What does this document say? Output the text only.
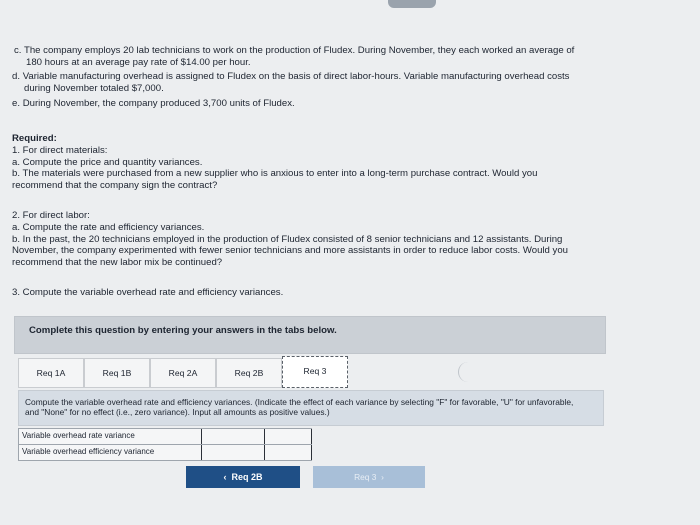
c. The company employs 20 lab technicians to work on the production of Fludex. During November, they each worked an average of
180 hours at an average pay rate of $14.00 per hour.
d. Variable manufacturing overhead is assigned to Fludex on the basis of direct labor-hours. Variable manufacturing overhead costs
during November totaled $7,000.
e. During November, the company produced 3,700 units of Fludex.
Required:
1. For direct materials:
a. Compute the price and quantity variances.
b. The materials were purchased from a new supplier who is anxious to enter into a long-term purchase contract. Would you
recommend that the company sign the contract?
2. For direct labor:
a. Compute the rate and efficiency variances.
b. In the past, the 20 technicians employed in the production of Fludex consisted of 8 senior technicians and 12 assistants. During
November, the company experimented with fewer senior technicians and more assistants in order to reduce labor costs. Would you
recommend that the new labor mix be continued?
3. Compute the variable overhead rate and efficiency variances.
Complete this question by entering your answers in the tabs below.
Req 1A	Req 1B	Req 2A	Req 2B	Req 3
Compute the variable overhead rate and efficiency variances. (Indicate the effect of each variance by selecting "F" for favorable, "U" for unfavorable, and "None" for no effect (i.e., zero variance). Input all amounts as positive values.)
Variable overhead rate variance
Variable overhead efficiency variance
‹ Req 2B	Req 3 ›
